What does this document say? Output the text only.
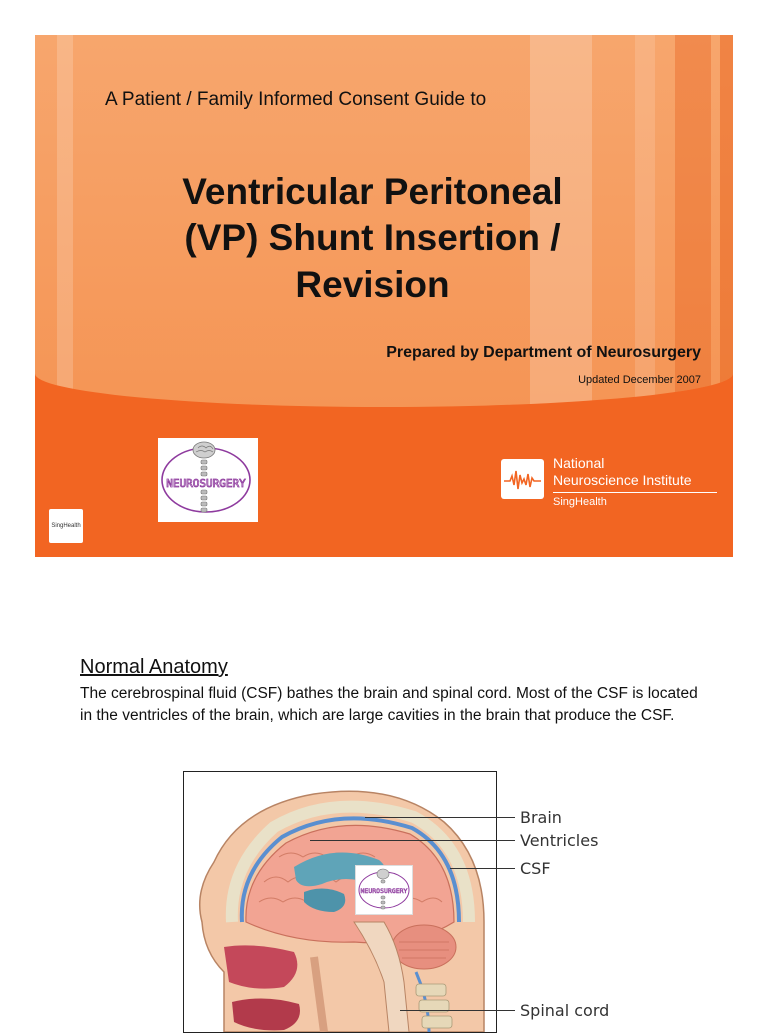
A Patient / Family Informed Consent Guide to

Ventricular Peritoneal
(VP) Shunt Insertion /
Revision

Prepared by Department of Neurosurgery

Updated December 2007

NEUROSURGERY
SingHealth
National
Neuroscience Institute
SingHealth
Normal Anatomy

The cerebrospinal fluid (CSF) bathes the brain and spinal cord. Most of the CSF is located in the ventricles of the brain, which are large cavities in the brain that produce the CSF.

Brain
Ventricles
CSF
Spinal cord
NEUROSURGERY
